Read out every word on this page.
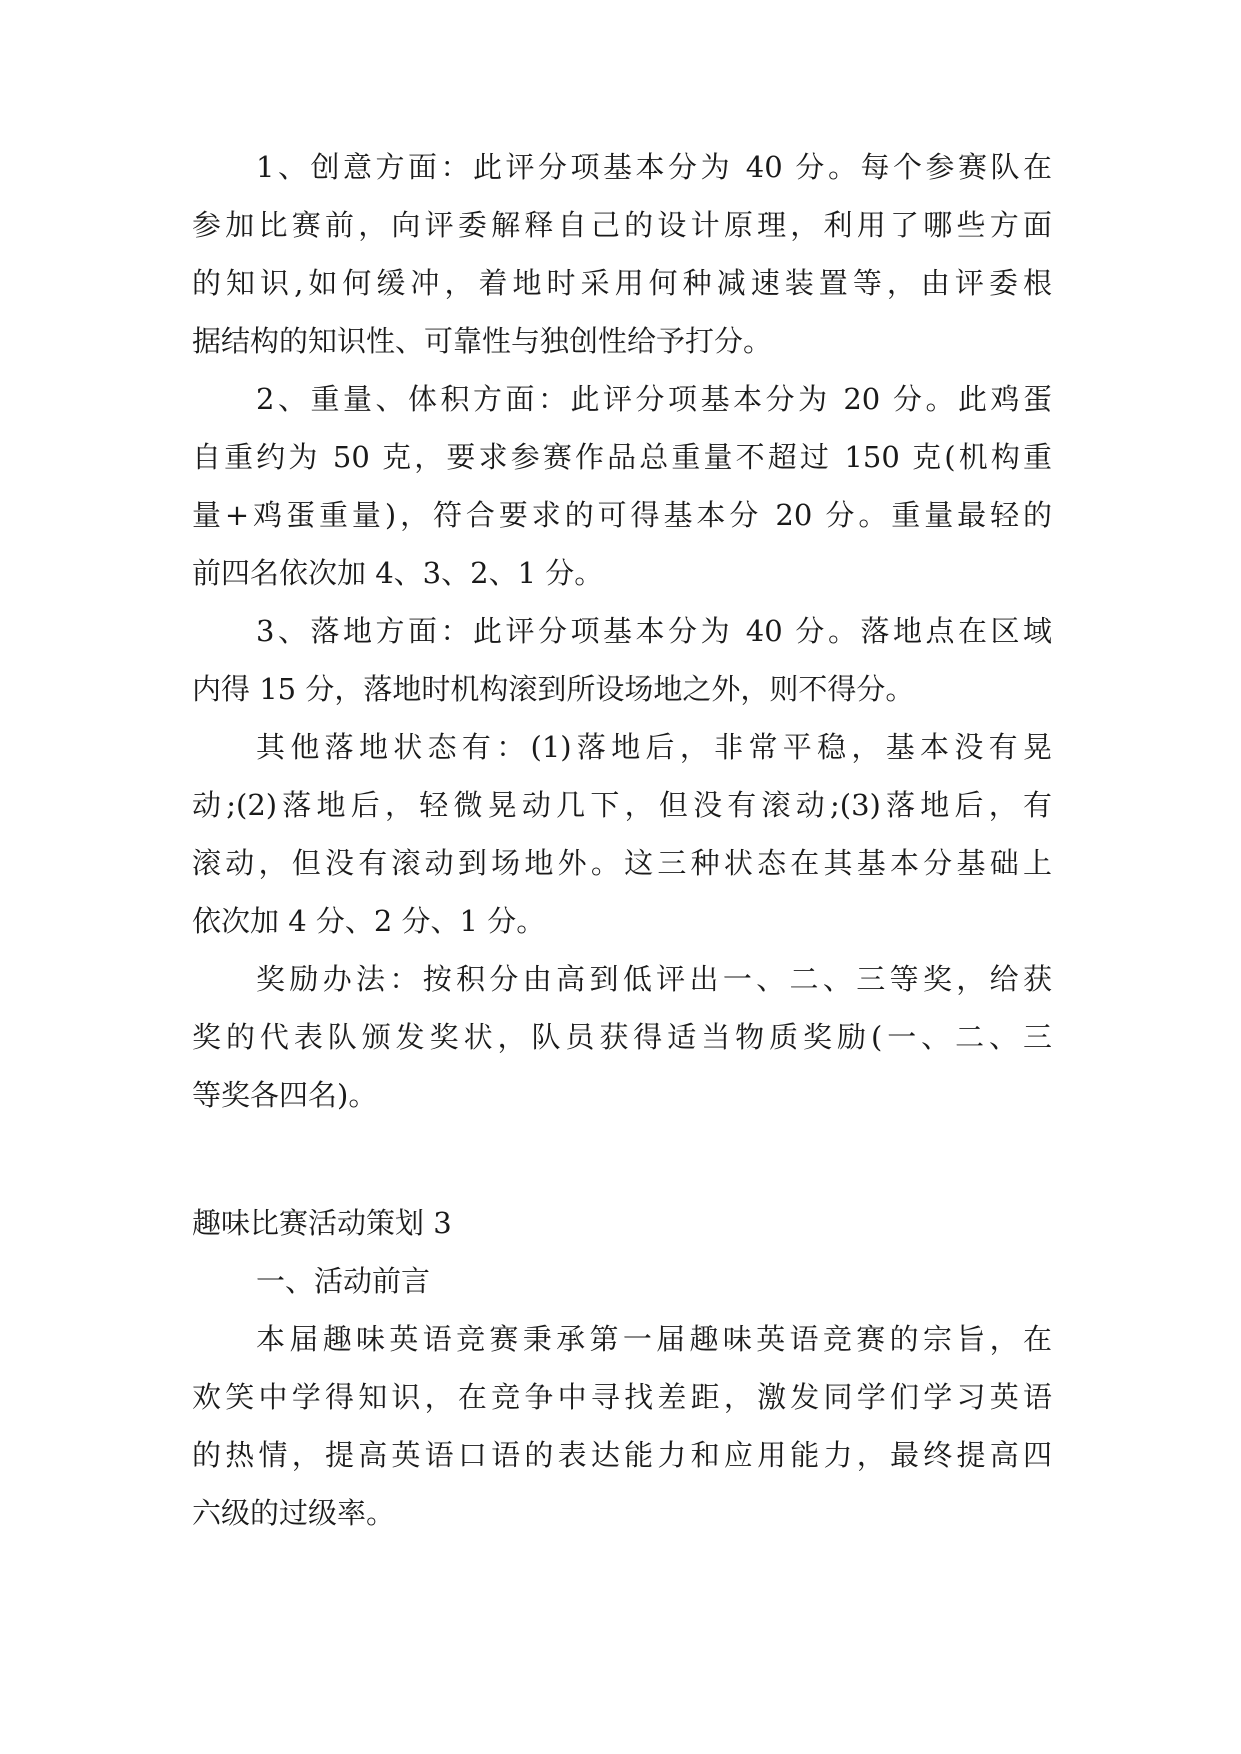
1、创意方面：此评分项基本分为 40 分。每个参赛队在

参加比赛前，向评委解释自己的设计原理，利用了哪些方面

的知识,如何缓冲，着地时采用何种减速装置等，由评委根

据结构的知识性、可靠性与独创性给予打分。

2、重量、体积方面：此评分项基本分为 20 分。此鸡蛋

自重约为 50 克，要求参赛作品总重量不超过 150 克(机构重

量+鸡蛋重量)，符合要求的可得基本分 20 分。重量最轻的

前四名依次加 4、3、2、1 分。

3、落地方面：此评分项基本分为 40 分。落地点在区域

内得 15 分，落地时机构滚到所设场地之外，则不得分。

其他落地状态有：(1)落地后，非常平稳，基本没有晃

动;(2)落地后，轻微晃动几下，但没有滚动;(3)落地后，有

滚动，但没有滚动到场地外。这三种状态在其基本分基础上

依次加 4 分、2 分、1 分。

奖励办法：按积分由高到低评出一、二、三等奖，给获

奖的代表队颁发奖状，队员获得适当物质奖励(一、二、三

等奖各四名)。

趣味比赛活动策划 3

一、活动前言

本届趣味英语竞赛秉承第一届趣味英语竞赛的宗旨，在

欢笑中学得知识，在竞争中寻找差距，激发同学们学习英语

的热情，提高英语口语的表达能力和应用能力，最终提高四

六级的过级率。
